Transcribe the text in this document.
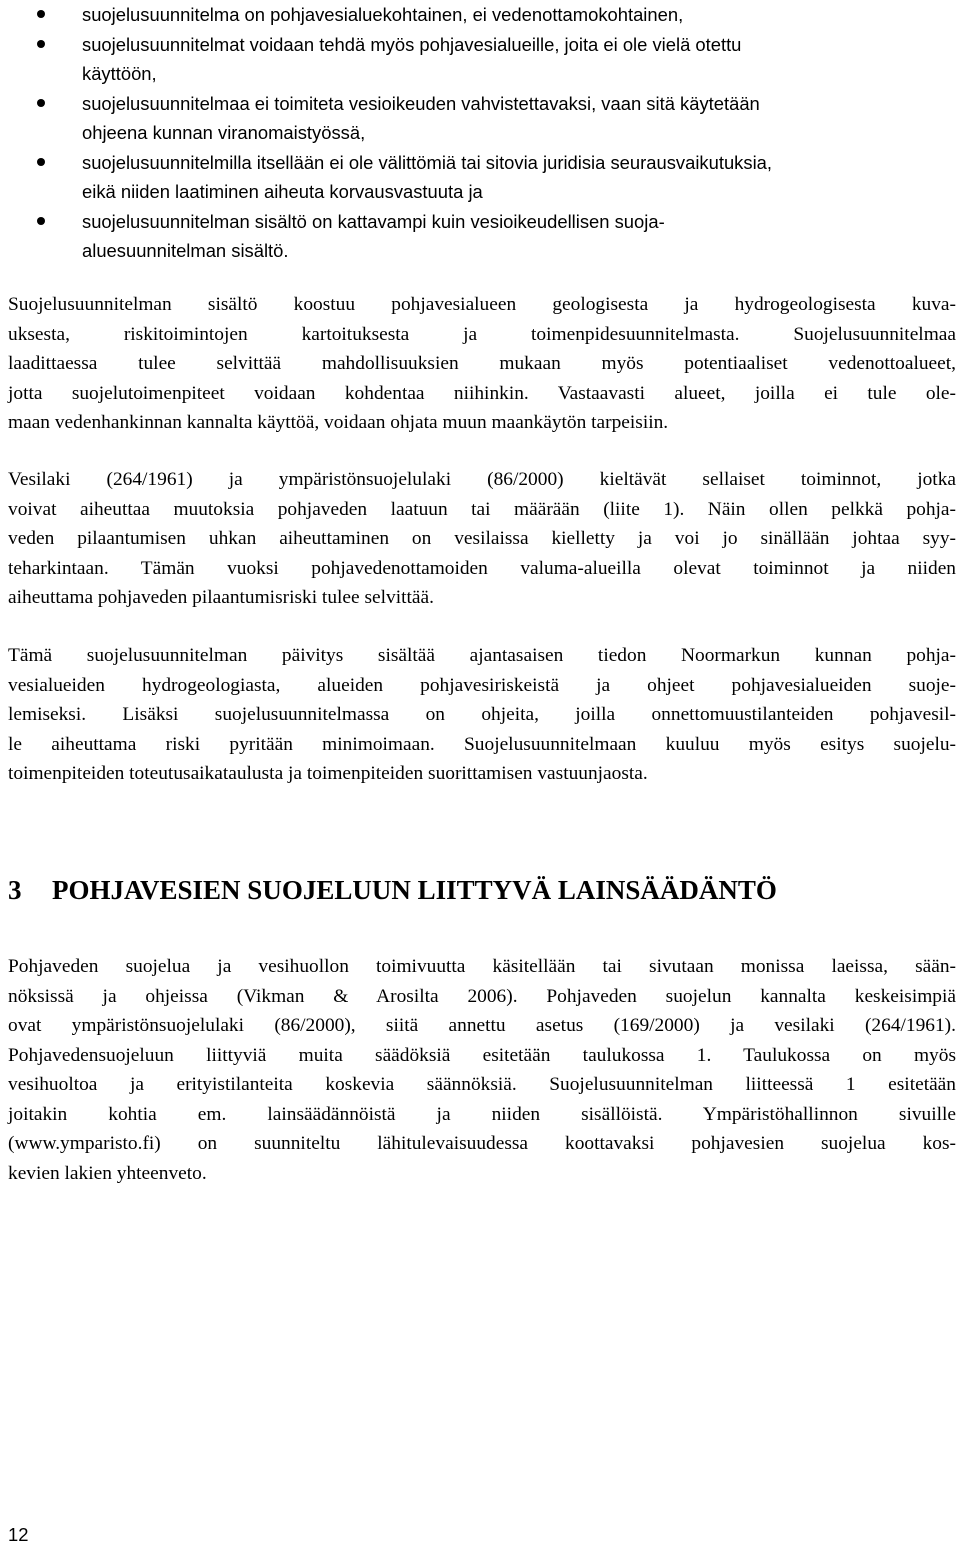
suojelusuunnitelma on pohjavesialuekohtainen, ei vedenottamokohtainen,
suojelusuunnitelmat voidaan tehdä myös pohjavesialueille, joita ei ole vielä otettu
käyttöön,
suojelusuunnitelmaa ei toimiteta vesioikeuden vahvistettavaksi, vaan sitä käytetään
ohjeena kunnan viranomaistyössä,
suojelusuunnitelmilla itsellään ei ole välittömiä tai sitovia juridisia seurausvaikutuksia,
eikä niiden laatiminen aiheuta korvausvastuuta ja
suojelusuunnitelman sisältö on kattavampi kuin vesioikeudellisen suoja-
aluesuunnitelman sisältö.
Suojelusuunnitelman sisältö koostuu pohjavesialueen geologisesta ja hydrogeologisesta kuva-
uksesta, riskitoimintojen kartoituksesta ja toimenpidesuunnitelmasta. Suojelusuunnitelmaa
laadittaessa tulee selvittää mahdollisuuksien mukaan myös potentiaaliset vedenottoalueet,
jotta suojelutoimenpiteet voidaan kohdentaa niihinkin. Vastaavasti alueet, joilla ei tule ole-
maan vedenhankinnan kannalta käyttöä, voidaan ohjata muun maankäytön tarpeisiin.
Vesilaki (264/1961) ja ympäristönsuojelulaki (86/2000) kieltävät sellaiset toiminnot, jotka
voivat aiheuttaa muutoksia pohjaveden laatuun tai määrään (liite 1). Näin ollen pelkkä pohja-
veden pilaantumisen uhkan aiheuttaminen on vesilaissa kielletty ja voi jo sinällään johtaa syy-
teharkintaan. Tämän vuoksi pohjavedenottamoiden valuma-alueilla olevat toiminnot ja niiden
aiheuttama pohjaveden pilaantumisriski tulee selvittää.
Tämä suojelusuunnitelman päivitys sisältää ajantasaisen tiedon Noormarkun kunnan pohja-
vesialueiden hydrogeologiasta, alueiden pohjavesiriskeistä ja ohjeet pohjavesialueiden suoje-
lemiseksi. Lisäksi suojelusuunnitelmassa on ohjeita, joilla onnettomuustilanteiden pohjavesil-
le aiheuttama riski pyritään minimoimaan. Suojelusuunnitelmaan kuuluu myös esitys suojelu-
toimenpiteiden toteutusaikataulusta ja toimenpiteiden suorittamisen vastuunjaosta.
3 POHJAVESIEN SUOJELUUN LIITTYVÄ LAINSÄÄDÄNTÖ
Pohjaveden suojelua ja vesihuollon toimivuutta käsitellään tai sivutaan monissa laeissa, sään-
nöksissä ja ohjeissa (Vikman & Arosilta 2006). Pohjaveden suojelun kannalta keskeisimpiä
ovat ympäristönsuojelulaki (86/2000), siitä annettu asetus (169/2000) ja vesilaki (264/1961).
Pohjavedensuojeluun liittyviä muita säädöksiä esitetään taulukossa 1. Taulukossa on myös
vesihuoltoa ja erityistilanteita koskevia säännöksiä. Suojelusuunnitelman liitteessä 1 esitetään
joitakin kohtia em. lainsäädännöistä ja niiden sisällöistä. Ympäristöhallinnon sivuille
(www.ymparisto.fi) on suunniteltu lähitulevaisuudessa koottavaksi pohjavesien suojelua kos-
kevien lakien yhteenveto.
12
